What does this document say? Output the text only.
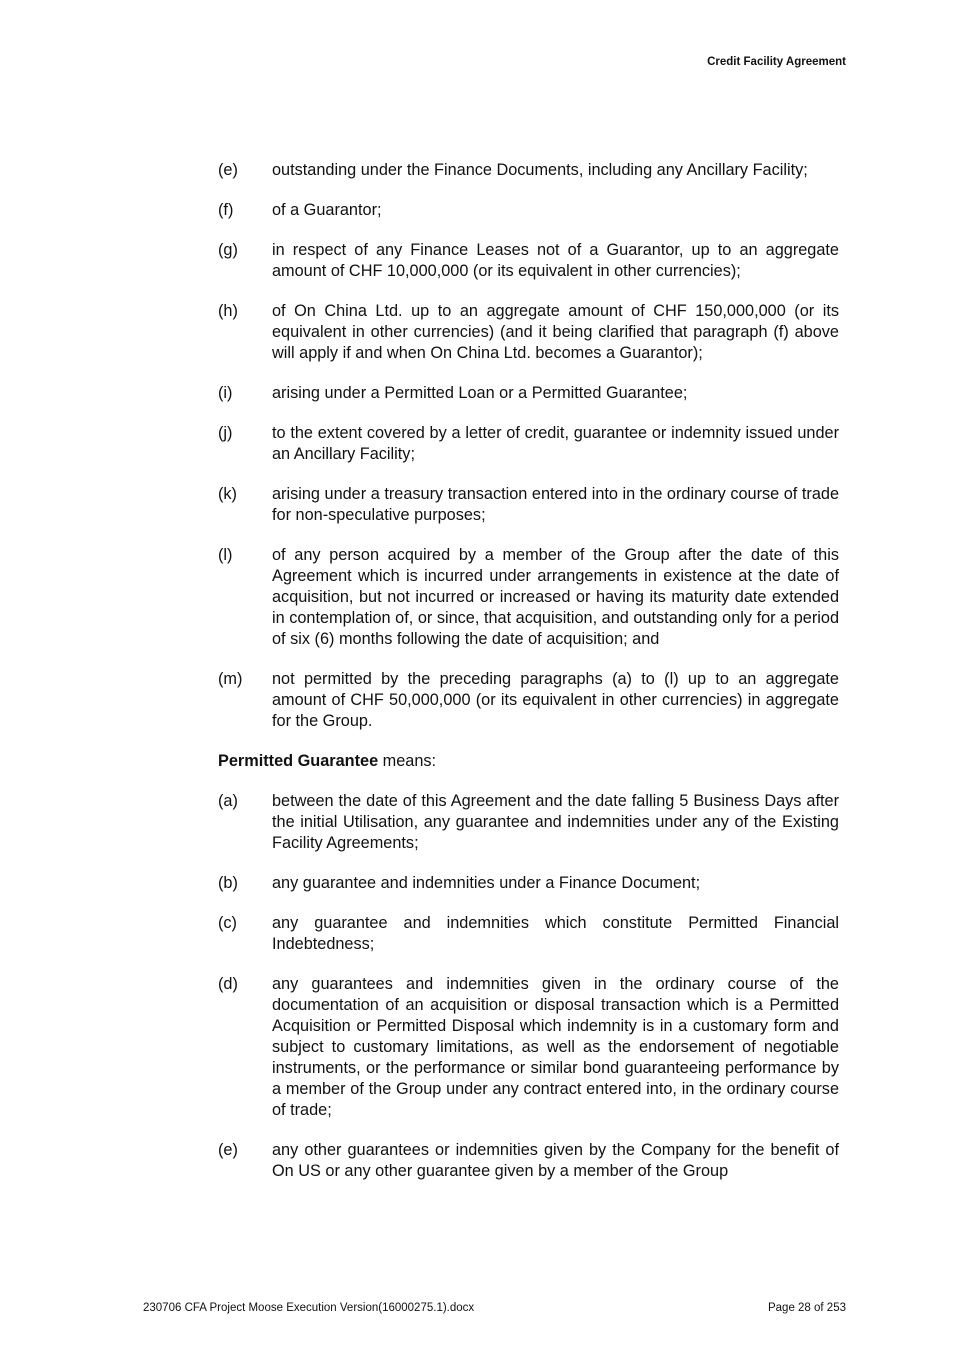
Credit Facility Agreement
(e)	outstanding under the Finance Documents, including any Ancillary Facility;
(f)	of a Guarantor;
(g)	in respect of any Finance Leases not of a Guarantor, up to an aggregate amount of CHF 10,000,000 (or its equivalent in other currencies);
(h)	of On China Ltd. up to an aggregate amount of CHF 150,000,000 (or its equivalent in other currencies) (and it being clarified that paragraph (f) above will apply if and when On China Ltd. becomes a Guarantor);
(i)	arising under a Permitted Loan or a Permitted Guarantee;
(j)	to the extent covered by a letter of credit, guarantee or indemnity issued under an Ancillary Facility;
(k)	arising under a treasury transaction entered into in the ordinary course of trade for non-speculative purposes;
(l)	of any person acquired by a member of the Group after the date of this Agreement which is incurred under arrangements in existence at the date of acquisition, but not incurred or increased or having its maturity date extended in contemplation of, or since, that acquisition, and outstanding only for a period of six (6) months following the date of acquisition; and
(m)	not permitted by the preceding paragraphs (a) to (l) up to an aggregate amount of CHF 50,000,000 (or its equivalent in other currencies) in aggregate for the Group.
Permitted Guarantee means:
(a)	between the date of this Agreement and the date falling 5 Business Days after the initial Utilisation, any guarantee and indemnities under any of the Existing Facility Agreements;
(b)	any guarantee and indemnities under a Finance Document;
(c)	any guarantee and indemnities which constitute Permitted Financial Indebtedness;
(d)	any guarantees and indemnities given in the ordinary course of the documentation of an acquisition or disposal transaction which is a Permitted Acquisition or Permitted Disposal which indemnity is in a customary form and subject to customary limitations, as well as the endorsement of negotiable instruments, or the performance or similar bond guaranteeing performance by a member of the Group under any contract entered into, in the ordinary course of trade;
(e)	any other guarantees or indemnities given by the Company for the benefit of On US or any other guarantee given by a member of the Group
230706 CFA Project Moose Execution Version(16000275.1).docx	Page 28 of 253
